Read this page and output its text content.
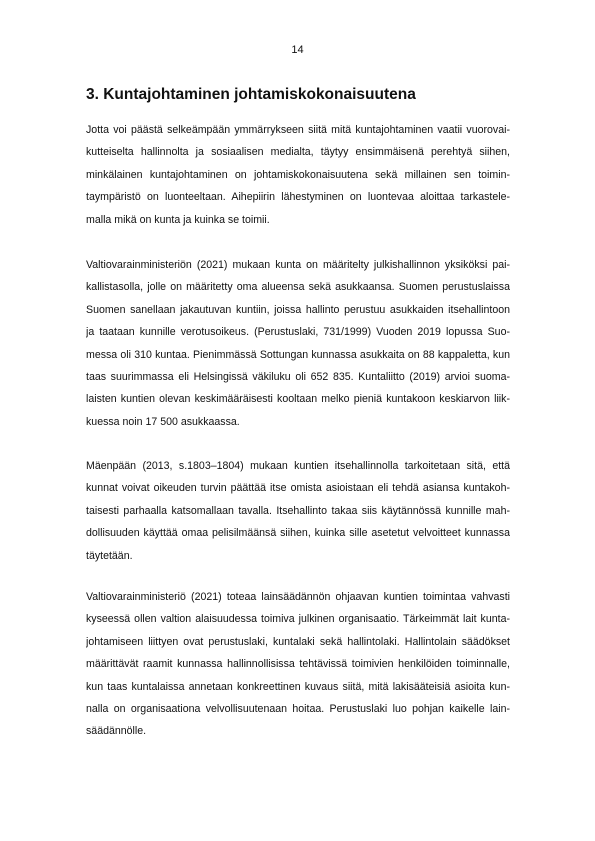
14
3. Kuntajohtaminen johtamiskokonaisuutena
Jotta voi päästä selkeämpään ymmärrykseen siitä mitä kuntajohtaminen vaatii vuorovai-
kutteiselta hallinnolta ja sosiaalisen medialta, täytyy ensimmäisenä perehtyä siihen,
minkälainen kuntajohtaminen on johtamiskokonaisuutena sekä millainen sen toimin-
taympäristö on luonteeltaan. Aihepiirin lähestyminen on luontevaa aloittaa tarkastele-
malla mikä on kunta ja kuinka se toimii.
Valtiovarainministeriön (2021) mukaan kunta on määritelty julkishallinnon yksiköksi pai-
kallistasolla, jolle on määritetty oma alueensa sekä asukkaansa. Suomen perustuslaissa
Suomen sanellaan jakautuvan kuntiin, joissa hallinto perustuu asukkaiden itsehallintoon
ja taataan kunnille verotusoikeus. (Perustuslaki, 731/1999) Vuoden 2019 lopussa Suo-
messa oli 310 kuntaa. Pienimmässä Sottungan kunnassa asukkaita on 88 kappaletta, kun
taas suurimmassa eli Helsingissä väkiluku oli 652 835. Kuntaliitto (2019) arvioi suoma-
laisten kuntien olevan keskimääräisesti kooltaan melko pieniä kuntakoon keskiarvon liik-
kuessa noin 17 500 asukkaassa.
Mäenpään (2013, s.1803–1804) mukaan kuntien itsehallinnolla tarkoitetaan sitä, että
kunnat voivat oikeuden turvin päättää itse omista asioistaan eli tehdä asiansa kuntakoh-
taisesti parhaalla katsomallaan tavalla. Itsehallinto takaa siis käytännössä kunnille mah-
dollisuuden käyttää omaa pelisilmäänsä siihen, kuinka sille asetetut velvoitteet kunnassa
täytetään.
Valtiovarainministeriö (2021) toteaa lainsäädännön ohjaavan kuntien toimintaa vahvasti
kyseessä ollen valtion alaisuudessa toimiva julkinen organisaatio. Tärkeimmät lait kunta-
johtamiseen liittyen ovat perustuslaki, kuntalaki sekä hallintolaki. Hallintolain säädökset
määrittävät raamit kunnassa hallinnollisissa tehtävissä toimivien henkilöiden toiminnalle,
kun taas kuntalaissa annetaan konkreettinen kuvaus siitä, mitä lakisääteisiä asioita kun-
nalla on organisaationa velvollisuutenaan hoitaa. Perustuslaki luo pohjan kaikelle lain-
säädännölle.
